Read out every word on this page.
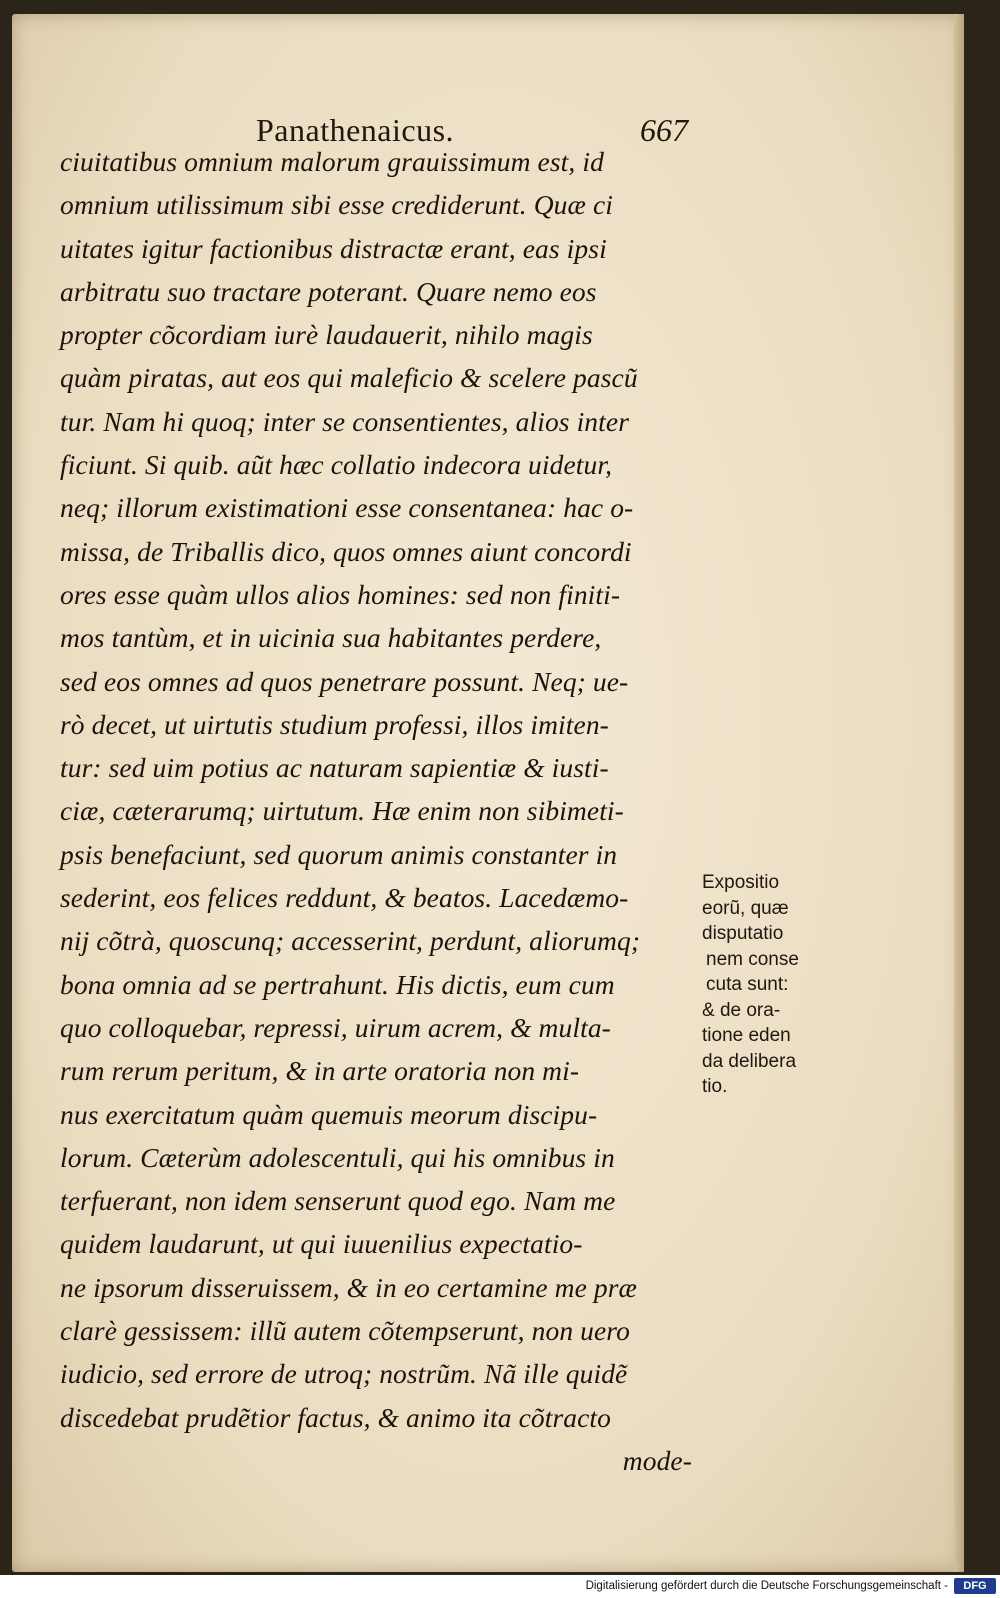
Panathenaicus.	667
ciuitatibus omnium malorum grauissimum est, id
omnium utilissimum sibi esse crediderunt. Quæ ci
uitates igitur factionibus distractæ erant, eas ipsi
arbitratu suo tractare poterant. Quare nemo eos
propter cõcordiam iurè laudauerit, nihilo magis
quàm piratas, aut eos qui maleficio & scelere pascũ
tur. Nam hi quoq; inter se consentientes, alios inter
ficiunt. Si quib. aũt hæc collatio indecora uidetur,
neq; illorum existimationi esse consentanea: hac o-
missa, de Triballis dico, quos omnes aiunt concordi
ores esse quàm ullos alios homines: sed non finiti-
mos tantùm, et in uicinia sua habitantes perdere,
sed eos omnes ad quos penetrare possunt. Neq; ue-
rò decet, ut uirtutis studium professi, illos imiten-
tur: sed uim potius ac naturam sapientiæ & iusti-
ciæ, cæterarumq; uirtutum. Hæ enim non sibimeti-
psis benefaciunt, sed quorum animis constanter in
sederint, eos felices reddunt, & beatos. Lacedæmo-
nij cõtrà, quoscunq; accesserint, perdunt, aliorumq;
bona omnia ad se pertrahunt. His dictis, eum cum
quo colloquebar, repressi, uirum acrem, & multa-
rum rerum peritum, & in arte oratoria non mi-
nus exercitatum quàm quemuis meorum discipu-
lorum. Cæterùm adolescentuli, qui his omnibus in
terfuerant, non idem senserunt quod ego. Nam me
quidem laudarunt, ut qui iuuenilius expectatio-
ne ipsorum disseruissem, & in eo certamine me præ
clarè gessissem: illũ autem cõtempserunt, non uero
iudicio, sed errore de utroq; nostrũm. Nã ille quidẽ
discedebat prudẽtior factus, & animo ita cõtracto
mode-
Expositio
eorũ, quæ
disputatio
nem conse
cuta sunt:
& de ora-
tione eden
da delibera
tio.
Digitalisierung gefördert durch die Deutsche Forschungsgemeinschaft -	DFG
